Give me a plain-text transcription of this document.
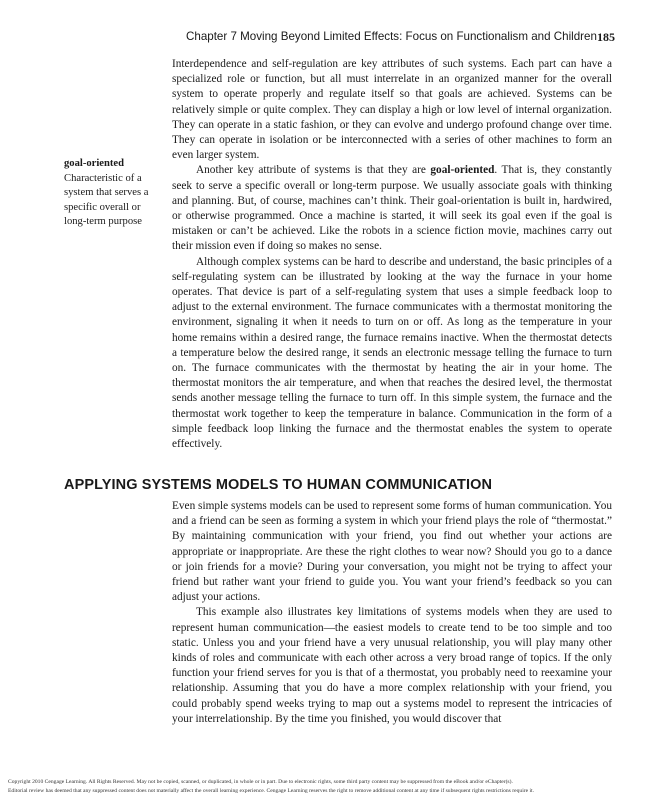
Chapter 7 Moving Beyond Limited Effects: Focus on Functionalism and Children 185

Interdependence and self-regulation are key attributes of such systems. Each part can have a specialized role or function, but all must interrelate in an organized manner for the overall system to operate properly and regulate itself so that goals are achieved. Systems can be relatively simple or quite complex. They can display a high or low level of internal organization. They can operate in a static fashion, or they can evolve and undergo profound change over time. They can operate in isolation or be interconnected with a series of other machines to form an even larger system.

Another key attribute of systems is that they are goal-oriented. That is, they constantly seek to serve a specific overall or long-term purpose. We usually associate goals with thinking and planning. But, of course, machines can’t think. Their goal-orientation is built in, hardwired, or otherwise programmed. Once a machine is started, it will seek its goal even if the goal is mistaken or can’t be achieved. Like the robots in a science fiction movie, machines carry out their mission even if doing so makes no sense.

Although complex systems can be hard to describe and understand, the basic principles of a self-regulating system can be illustrated by looking at the way the furnace in your home operates. That device is part of a self-regulating system that uses a simple feedback loop to adjust to the external environment. The furnace communicates with a thermostat monitoring the environment, signaling it when it needs to turn on or off. As long as the temperature in your home remains within a desired range, the furnace remains inactive. When the thermostat detects a temperature below the desired range, it sends an electronic message telling the furnace to turn on. The furnace communicates with the thermostat by heating the air in your home. The thermostat monitors the air temperature, and when that reaches the desired level, the thermostat sends another message telling the furnace to turn off. In this simple system, the furnace and the thermostat work together to keep the temperature in balance. Communication in the form of a simple feedback loop linking the furnace and the thermostat enables the system to operate effectively.

goal-oriented
Characteristic of a system that serves a specific overall or long-term purpose
APPLYING SYSTEMS MODELS TO HUMAN COMMUNICATION

Even simple systems models can be used to represent some forms of human communication. You and a friend can be seen as forming a system in which your friend plays the role of “thermostat.” By maintaining communication with your friend, you find out whether your actions are appropriate or inappropriate. Are these the right clothes to wear now? Should you go to a dance or join friends for a movie? During your conversation, you might not be trying to affect your friend but rather want your friend to guide you. You want your friend’s feedback so you can adjust your actions.

This example also illustrates key limitations of systems models when they are used to represent human communication—the easiest models to create tend to be too simple and too static. Unless you and your friend have a very unusual relationship, you will play many other kinds of roles and communicate with each other across a very broad range of topics. If the only function your friend serves for you is that of a thermostat, you probably need to reexamine your relationship. Assuming that you do have a more complex relationship with your friend, you could probably spend weeks trying to map out a systems model to represent the intricacies of your interrelationship. By the time you finished, you would discover that

Copyright 2010 Cengage Learning. All Rights Reserved. May not be copied, scanned, or duplicated, in whole or in part. Due to electronic rights, some third party content may be suppressed from the eBook and/or eChapter(s).
Editorial review has deemed that any suppressed content does not materially affect the overall learning experience. Cengage Learning reserves the right to remove additional content at any time if subsequent rights restrictions require it.
